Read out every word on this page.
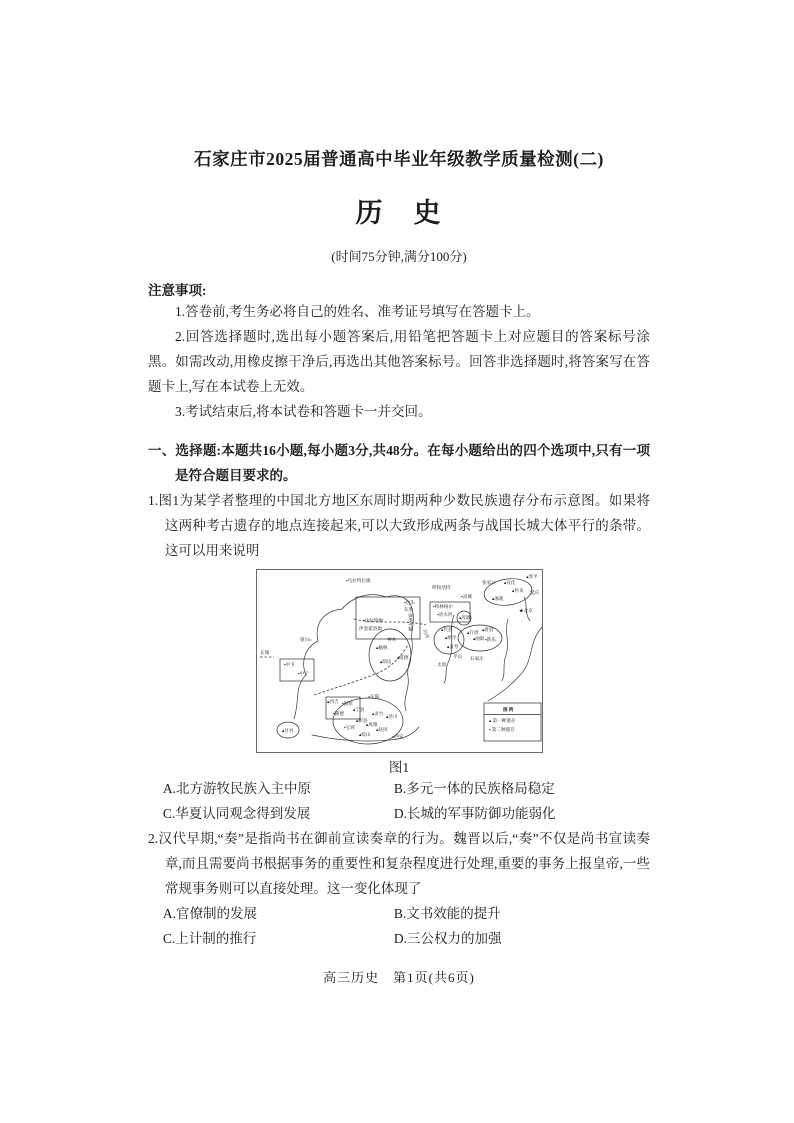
石家庄市2025届普通高中毕业年级教学质量检测(二)
历　史
(时间75分钟,满分100分)
注意事项:

1.答卷前,考生务必将自己的姓名、准考证号填写在答题卡上。

2.回答选择题时,选出每小题答案后,用铅笔把答题卡上对应题目的答案标号涂黑。如需改动,用橡皮擦干净后,再选出其他答案标号。回答非选择题时,将答案写在答题卡上,写在本试卷上无效。

3.考试结束后,将本试卷和答题卡一并交回。

一、选择题:本题共16小题,每小题3分,共48分。在每小题给出的四个选项中,只有一项是符合题目要求的。

1.图1为某学者整理的中国北方地区东周时期两种少数民族遗存分布示意图。如果将这两种考古遗存的地点连接起来,可以大致形成两条与战国长城大体平行的条带。这可以用来说明

图 例
▴ 第一种遗存
▪ 第二种遗存
▪乌拉特后旗
呼和浩特
▪凉城
张家口 ▴宣化
▴怀来
▴涿鹿
延庆
▴滦平
★北京
▪包头
东胜
▪达拉特旗
伊金霍洛旗	准格尔旗
▪和林格尔
▪清水河
汾河
神木
▴榆林
▴靖边
▴绥德
银川o
▪中卫
▪中宁
长城
▴西吉 ▪固原
▪隆德
▴甘谷
o庆阳
▴宁县
▴灵台
▴泾川
▴彬县
▴凤翔
▪宝鸡
▴岐山
▴扶风
o西安
▴浑源
▴代县
▴原平
▴灵寿
▴行唐
▴唐县
▴曲阳 ▪新乐
平山 石家庄
太原

图1

A.北方游牧民族入主中原	B.多元一体的民族格局稳定
C.华夏认同观念得到发展	D.长城的军事防御功能弱化

2.汉代早期,“奏”是指尚书在御前宣读奏章的行为。魏晋以后,“奏”不仅是尚书宣读奏章,而且需要尚书根据事务的重要性和复杂程度进行处理,重要的事务上报皇帝,一些常规事务则可以直接处理。这一变化体现了

A.官僚制的发展	B.文书效能的提升
C.上计制的推行	D.三公权力的加强
高三历史　第1页(共6页)
